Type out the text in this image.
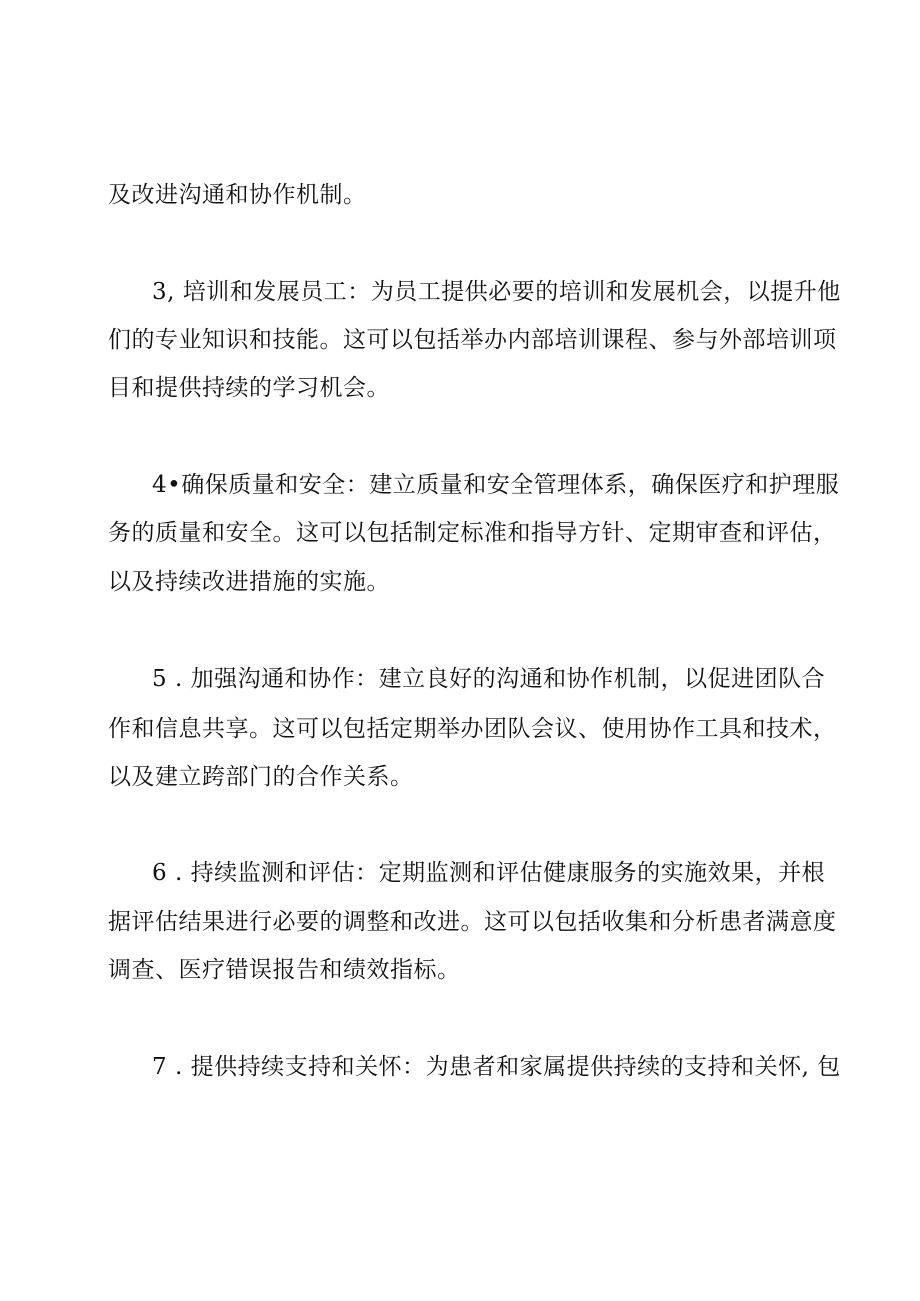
及改进沟通和协作机制。
3, 培训和发展员工：为员工提供必要的培训和发展机会，以提升他
们的专业知识和技能。这可以包括举办内部培训课程、参与外部培训项
目和提供持续的学习机会。
4•确保质量和安全：建立质量和安全管理体系，确保医疗和护理服
务的质量和安全。这可以包括制定标准和指导方针、定期审查和评估，
以及持续改进措施的实施。
5 . 加强沟通和协作：建立良好的沟通和协作机制，以促进团队合
作和信息共享。这可以包括定期举办团队会议、使用协作工具和技术，
以及建立跨部门的合作关系。
6 . 持续监测和评估：定期监测和评估健康服务的实施效果，并根
据评估结果进行必要的调整和改进。这可以包括收集和分析患者满意度
调查、医疗错误报告和绩效指标。
7 . 提供持续支持和关怀：为患者和家属提供持续的支持和关怀, 包
